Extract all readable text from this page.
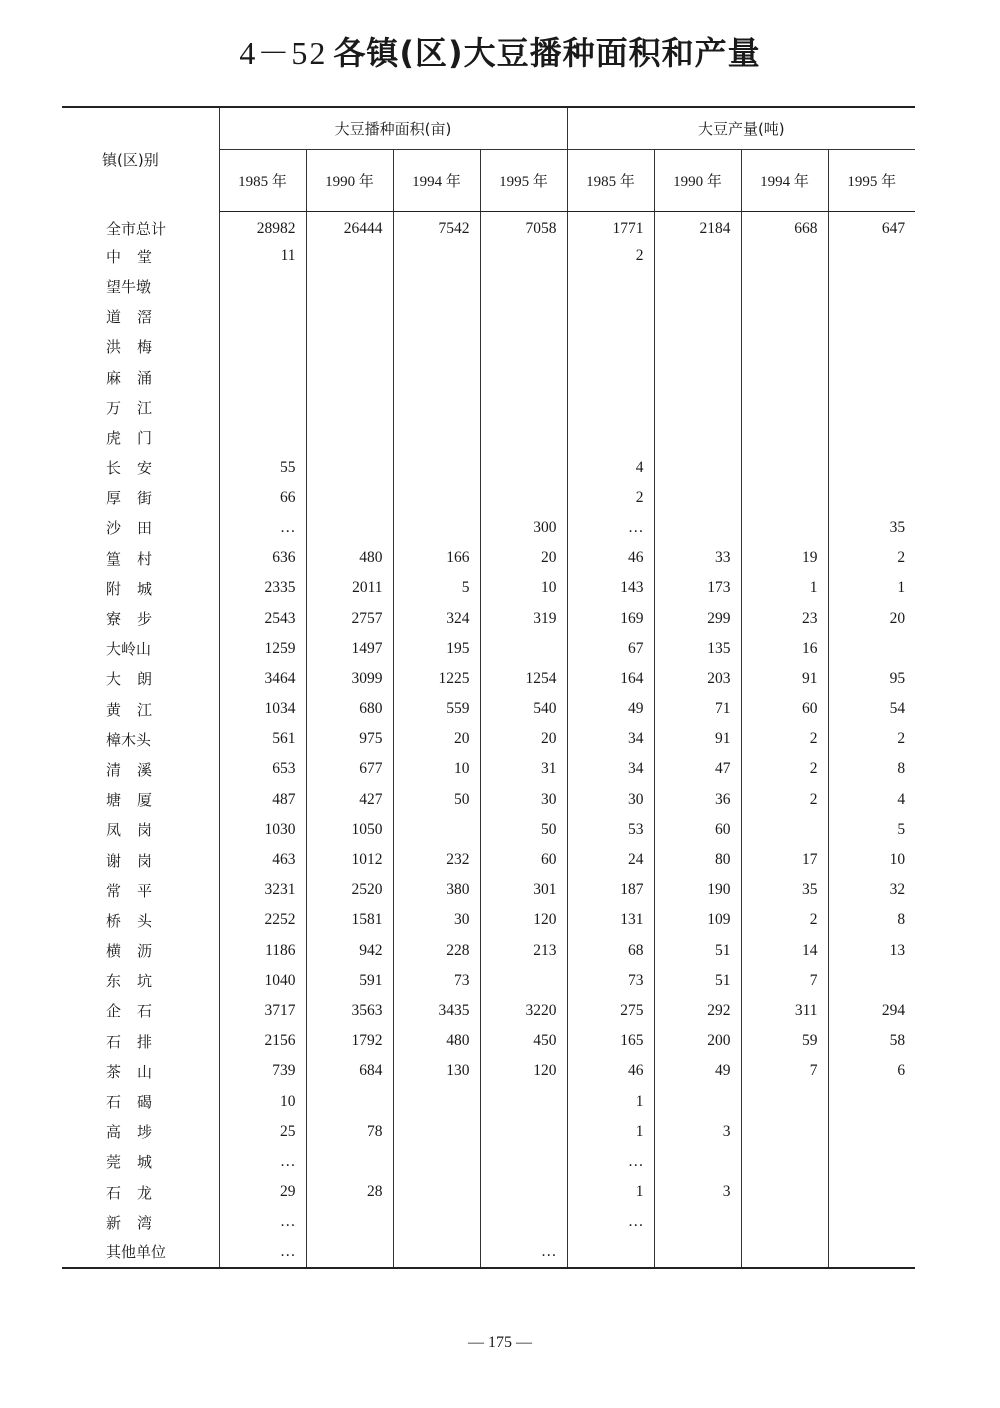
4－52 各镇(区)大豆播种面积和产量
镇(区)别	大豆播种面积(亩)				大豆产量(吨)			
	1985 年	1990 年	1994 年	1995 年	1985 年	1990 年	1994 年	1995 年
全市总计	28982	26444	7542	7058	1771	2184	668	647
中堂	11				2			
望牛墩								
道滘								
洪梅								
麻涌								
万江								
虎门								
长安	55				4			
厚街	66				2			
沙田	…			300	…			35
篁村	636	480	166	20	46	33	19	2
附城	2335	2011	5	10	143	173	1	1
寮步	2543	2757	324	319	169	299	23	20
大岭山	1259	1497	195		67	135	16	
大朗	3464	3099	1225	1254	164	203	91	95
黄江	1034	680	559	540	49	71	60	54
樟木头	561	975	20	20	34	91	2	2
清溪	653	677	10	31	34	47	2	8
塘厦	487	427	50	30	30	36	2	4
凤岗	1030	1050		50	53	60		5
谢岗	463	1012	232	60	24	80	17	10
常平	3231	2520	380	301	187	190	35	32
桥头	2252	1581	30	120	131	109	2	8
横沥	1186	942	228	213	68	51	14	13
东坑	1040	591	73		73	51	7	
企石	3717	3563	3435	3220	275	292	311	294
石排	2156	1792	480	450	165	200	59	58
茶山	739	684	130	120	46	49	7	6
石碣	10				1			
高埗	25	78			1	3		
莞城	…				…			
石龙	29	28			1	3		
新湾	…				…			
其他单位	…			…				
— 175 —
